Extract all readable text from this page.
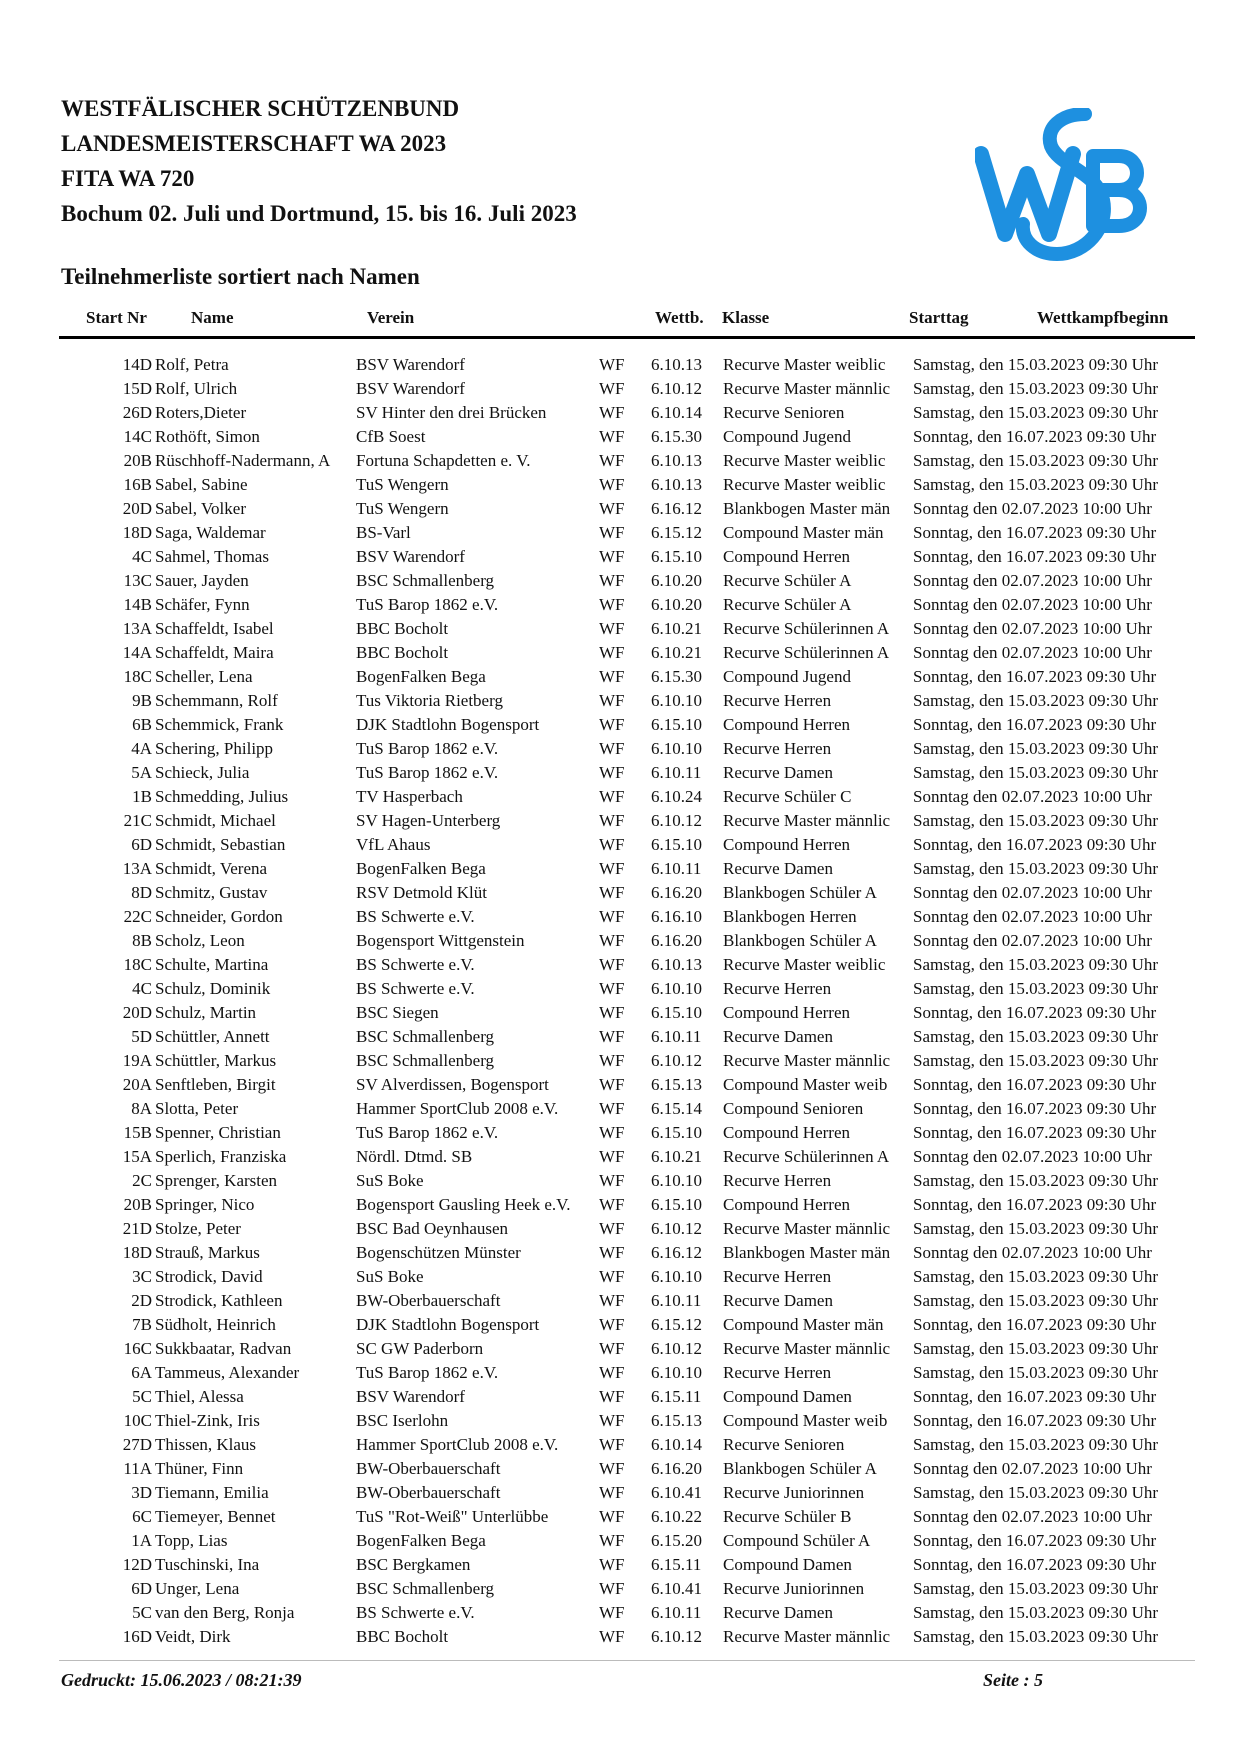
WESTFÄLISCHER SCHÜTZENBUND
LANDESMEISTERSCHAFT WA 2023
FITA WA 720
Bochum 02. Juli und Dortmund, 15. bis 16. Juli 2023
Teilnehmerliste sortiert nach Namen
Start Nr	Name	Verein	Wettb. Klasse	Starttag	Wettkampfbeginn
14D Rolf, Petra	BSV Warendorf	WF	6.10.13	Recurve Master weiblic	Samstag, den 15.03.2023 09:30 Uhr
15D Rolf, Ulrich	BSV Warendorf	WF	6.10.12	Recurve Master männlic	Samstag, den 15.03.2023 09:30 Uhr
26D Roters,Dieter	SV Hinter den drei Brücken	WF	6.10.14	Recurve Senioren	Samstag, den 15.03.2023 09:30 Uhr
14C Rothöft, Simon	CfB Soest	WF	6.15.30	Compound Jugend	Sonntag, den 16.07.2023 09:30 Uhr
20B Rüschhoff-Nadermann, A	Fortuna Schapdetten e. V.	WF	6.10.13	Recurve Master weiblic	Samstag, den 15.03.2023 09:30 Uhr
16B Sabel, Sabine	TuS Wengern	WF	6.10.13	Recurve Master weiblic	Samstag, den 15.03.2023 09:30 Uhr
20D Sabel, Volker	TuS Wengern	WF	6.16.12	Blankbogen Master män	Sonntag den 02.07.2023 10:00 Uhr
18D Saga, Waldemar	BS-Varl	WF	6.15.12	Compound Master män	Sonntag, den 16.07.2023 09:30 Uhr
4C Sahmel, Thomas	BSV Warendorf	WF	6.15.10	Compound Herren	Sonntag, den 16.07.2023 09:30 Uhr
13C Sauer, Jayden	BSC Schmallenberg	WF	6.10.20	Recurve Schüler A	Sonntag den 02.07.2023 10:00 Uhr
14B Schäfer, Fynn	TuS Barop 1862 e.V.	WF	6.10.20	Recurve Schüler A	Sonntag den 02.07.2023 10:00 Uhr
13A Schaffeldt, Isabel	BBC Bocholt	WF	6.10.21	Recurve Schülerinnen A	Sonntag den 02.07.2023 10:00 Uhr
14A Schaffeldt, Maira	BBC Bocholt	WF	6.10.21	Recurve Schülerinnen A	Sonntag den 02.07.2023 10:00 Uhr
18C Scheller, Lena	BogenFalken Bega	WF	6.15.30	Compound Jugend	Sonntag, den 16.07.2023 09:30 Uhr
9B Schemmann, Rolf	Tus Viktoria Rietberg	WF	6.10.10	Recurve Herren	Samstag, den 15.03.2023 09:30 Uhr
6B Schemmick, Frank	DJK Stadtlohn Bogensport	WF	6.15.10	Compound Herren	Sonntag, den 16.07.2023 09:30 Uhr
4A Schering, Philipp	TuS Barop 1862 e.V.	WF	6.10.10	Recurve Herren	Samstag, den 15.03.2023 09:30 Uhr
5A Schieck, Julia	TuS Barop 1862 e.V.	WF	6.10.11	Recurve Damen	Samstag, den 15.03.2023 09:30 Uhr
1B Schmedding, Julius	TV Hasperbach	WF	6.10.24	Recurve Schüler C	Sonntag den 02.07.2023 10:00 Uhr
21C Schmidt, Michael	SV Hagen-Unterberg	WF	6.10.12	Recurve Master männlic	Samstag, den 15.03.2023 09:30 Uhr
6D Schmidt, Sebastian	VfL Ahaus	WF	6.15.10	Compound Herren	Sonntag, den 16.07.2023 09:30 Uhr
13A Schmidt, Verena	BogenFalken Bega	WF	6.10.11	Recurve Damen	Samstag, den 15.03.2023 09:30 Uhr
8D Schmitz, Gustav	RSV Detmold Klüt	WF	6.16.20	Blankbogen Schüler A	Sonntag den 02.07.2023 10:00 Uhr
22C Schneider, Gordon	BS Schwerte e.V.	WF	6.16.10	Blankbogen Herren	Sonntag den 02.07.2023 10:00 Uhr
8B Scholz, Leon	Bogensport Wittgenstein	WF	6.16.20	Blankbogen Schüler A	Sonntag den 02.07.2023 10:00 Uhr
18C Schulte, Martina	BS Schwerte e.V.	WF	6.10.13	Recurve Master weiblic	Samstag, den 15.03.2023 09:30 Uhr
4C Schulz, Dominik	BS Schwerte e.V.	WF	6.10.10	Recurve Herren	Samstag, den 15.03.2023 09:30 Uhr
20D Schulz, Martin	BSC Siegen	WF	6.15.10	Compound Herren	Sonntag, den 16.07.2023 09:30 Uhr
5D Schüttler, Annett	BSC Schmallenberg	WF	6.10.11	Recurve Damen	Samstag, den 15.03.2023 09:30 Uhr
19A Schüttler, Markus	BSC Schmallenberg	WF	6.10.12	Recurve Master männlic	Samstag, den 15.03.2023 09:30 Uhr
20A Senftleben, Birgit	SV Alverdissen, Bogensport	WF	6.15.13	Compound Master weib	Sonntag, den 16.07.2023 09:30 Uhr
8A Slotta, Peter	Hammer SportClub 2008 e.V.	WF	6.15.14	Compound Senioren	Sonntag, den 16.07.2023 09:30 Uhr
15B Spenner, Christian	TuS Barop 1862 e.V.	WF	6.15.10	Compound Herren	Sonntag, den 16.07.2023 09:30 Uhr
15A Sperlich, Franziska	Nördl. Dtmd. SB	WF	6.10.21	Recurve Schülerinnen A	Sonntag den 02.07.2023 10:00 Uhr
2C Sprenger, Karsten	SuS Boke	WF	6.10.10	Recurve Herren	Samstag, den 15.03.2023 09:30 Uhr
20B Springer, Nico	Bogensport Gausling Heek e.V.	WF	6.15.10	Compound Herren	Sonntag, den 16.07.2023 09:30 Uhr
21D Stolze, Peter	BSC Bad Oeynhausen	WF	6.10.12	Recurve Master männlic	Samstag, den 15.03.2023 09:30 Uhr
18D Strauß, Markus	Bogenschützen Münster	WF	6.16.12	Blankbogen Master män	Sonntag den 02.07.2023 10:00 Uhr
3C Strodick, David	SuS Boke	WF	6.10.10	Recurve Herren	Samstag, den 15.03.2023 09:30 Uhr
2D Strodick, Kathleen	BW-Oberbauerschaft	WF	6.10.11	Recurve Damen	Samstag, den 15.03.2023 09:30 Uhr
7B Südholt, Heinrich	DJK Stadtlohn Bogensport	WF	6.15.12	Compound Master män	Sonntag, den 16.07.2023 09:30 Uhr
16C Sukkbaatar, Radvan	SC GW Paderborn	WF	6.10.12	Recurve Master männlic	Samstag, den 15.03.2023 09:30 Uhr
6A Tammeus, Alexander	TuS Barop 1862 e.V.	WF	6.10.10	Recurve Herren	Samstag, den 15.03.2023 09:30 Uhr
5C Thiel, Alessa	BSV Warendorf	WF	6.15.11	Compound Damen	Sonntag, den 16.07.2023 09:30 Uhr
10C Thiel-Zink, Iris	BSC Iserlohn	WF	6.15.13	Compound Master weib	Sonntag, den 16.07.2023 09:30 Uhr
27D Thissen, Klaus	Hammer SportClub 2008 e.V.	WF	6.10.14	Recurve Senioren	Samstag, den 15.03.2023 09:30 Uhr
11A Thüner, Finn	BW-Oberbauerschaft	WF	6.16.20	Blankbogen Schüler A	Sonntag den 02.07.2023 10:00 Uhr
3D Tiemann, Emilia	BW-Oberbauerschaft	WF	6.10.41	Recurve Juniorinnen	Samstag, den 15.03.2023 09:30 Uhr
6C Tiemeyer, Bennet	TuS "Rot-Weiß" Unterlübbe	WF	6.10.22	Recurve Schüler B	Sonntag den 02.07.2023 10:00 Uhr
1A Topp, Lias	BogenFalken Bega	WF	6.15.20	Compound Schüler A	Sonntag, den 16.07.2023 09:30 Uhr
12D Tuschinski, Ina	BSC Bergkamen	WF	6.15.11	Compound Damen	Sonntag, den 16.07.2023 09:30 Uhr
6D Unger, Lena	BSC Schmallenberg	WF	6.10.41	Recurve Juniorinnen	Samstag, den 15.03.2023 09:30 Uhr
5C van den Berg, Ronja	BS Schwerte e.V.	WF	6.10.11	Recurve Damen	Samstag, den 15.03.2023 09:30 Uhr
16D Veidt, Dirk	BBC Bocholt	WF	6.10.12	Recurve Master männlic	Samstag, den 15.03.2023 09:30 Uhr
Gedruckt: 15.06.2023 / 08:21:39	Seite : 5
